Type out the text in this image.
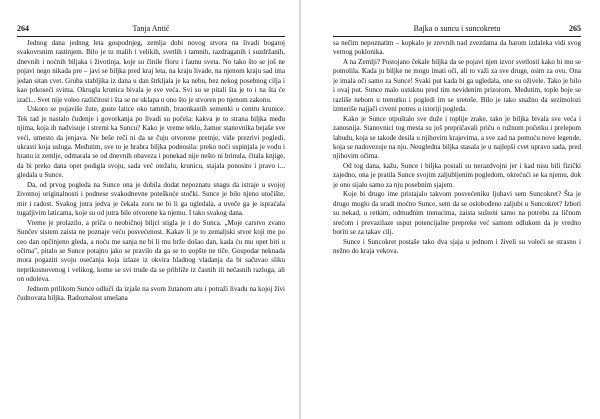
Tanja Antić
264

Jednog dana jednog leta gospodnjeg, zemlja dobi novog stvora na livadi bogatoj svakovrsnim rastinjem. Bilo je tu malih i velikih, svetlih i tamnih, razdraganih i suzdržanih, dnevnih i noćnih biljaka i životinja, koje su činile floru i faunu sveta. No tako što se još ne pojavi nego nikada pre – javi se biljka pred kraj leta, na kraju livade, na njenom kraju sad ima jedan sitan cvet. Gruba stabljika iz dana u dan štrkljala je ka nebu, bez nekog posebnog cilja i kao prkoseći svima. Okrugla krunica bivala je sve veća. Svi su se pitali šta je to i na šta će izaći... Svet nije voleo različitost i šta se ne uklapa u ono što je stvoren po njenom zakonu.

Uskoro se pojaviše žute, guste latice oko tamnih, braonkastih semenki u centru krunice. Tek tad je nastalo čuđenje i govorkanja po livadi su počela: kakva je to strana biljka među njima, koja ih nadvisuje i stremi ka Suncu? Kako je vreme teklo, žamor stanovnika bejaše sve veći, umesto da jenjava. Ne beše reči ni da se čuju otvorene pretnje, vide prezrivi pogledi, ukrasti koja usluga. Međutim, sve to je hrabra biljka podnosila: preko noći uspinjala je vodu i hranu iz zemlje, odmarala se od dnevnih obaveza i ponekad nije nešto ni brinula, čitala knjige, da bi preko dana opet podigla svoju, sada već otežalu, krunicu, stajala ponosito i pravo i... gledala u Sunce.

Da, od prvog pogleda na Sunce ona je dobila dodat nepoznatu snagu da istraje u svojoj životnoj originalnosti i podnese svakodnevne poteškoće stočki. Sunce je bilo njeno utočište, mir i radost. Svakog jutra jedva je čekala zoru ne bi li ga ugledala, a uveče ga je ispraćala tugaljivim laticama, koje su od jutra bile otvorene ka njemu. I tako svakog dana.

Vreme je prolazilo, a priča o neobičnoj biljci stigla je i do Sunca. „Moje carstvo zvano Sunčev sistem zaista ne poznaje veću posvećenost. Kakav li je to zemaljski stvor koji me po ceo dan opčinjeno gleda, a noću me sanja ne bi li mu brže došao dan, kada ću mu opet biti u očima", pitalo se Sunce potajno jako se pravilo da ga se to uopšte ne tiče. Gospodar neknada mora pogaziti svoju osećanja koja izlaze iz okvira hladnog vladanja da bi sačuvao sliku neprikosnovenog i velikog, kome se svi trude da se približe iz časnih ili nečasnih razloga, ali on odoleva.

Jednom prilikom Sunce odluči da izjaše na svom žutanom atu i potraži livadu na kojoj živi čudnovata biljka. Radoznalost smešana

Bajka o suncu i suncokretu	265

sa nečim nepoznatim – kopkalo je zrevnih nad zvezdama da barom izdaleka vidi svog vernog poklonika.

A na Zemlji? Postojano čekale biljka da se pojavi njen izvor svetlosti kako bi mu se pomolila. Kada ju biljke ne mogu imati oči, ali to važi za sve druge, osim za ovu. Ona je imala oči samo za Sunce! Svaki put kada bi ga ugledala, one su oživele. Tako je bilo i ovaj put. Sunce malo ustuknu pred tim nevidenim prizorom. Međutim, tople boje se razliše nebom u trenutku i pogledi im se sretoše. Bilo je tako snažno da sezimolozi izmeriše najjači crveni potres u istoriji pogleda.

Kako je Sunce otpuštalo sve duže i toplije zrake, tako je biljka bivala sve veća i zanosnija. Stanovnici tog mesta su još prepričavali priču o ružnom početku i prelepom labudu, koja se takođe desila u njihovim krajevima, a sve zad na pomoću nove legende, koja se nadovezuje na nju. Neugledna biljka stasala je u najlepši cvet upravo sada, pred njihovim očima.

Od tog dana, kažu, Sunce i biljka postali su nerazdvojni jer i kad nisu bili fizički zajedno, ona je pratila Sunce svojim zaljubljenim pogledom, okrećući se ka njemu, dok je ono sijalo samo za nju posebnim sjajem.

Koje bi drugo ime pristajalo takvom posvećeniku ljubavi sem Suncokret? Šta je drugo moglo da uradi moćno Sunce, sem da se oslobođeno zaljubi u Suncokret? Izbori su nekad, u retkim, odmuđnim trenucima, zaista sušteni samo na potrebu za ličnom srećom i prevazilaze usput potencijalne prepreke već samom odlukom da je vredno boriti se za takav cilj.

Sunce i Suncokret postaše tako dva sjaja u jednom i živeli su voleći se strasno i nežno do kraja vekova.
